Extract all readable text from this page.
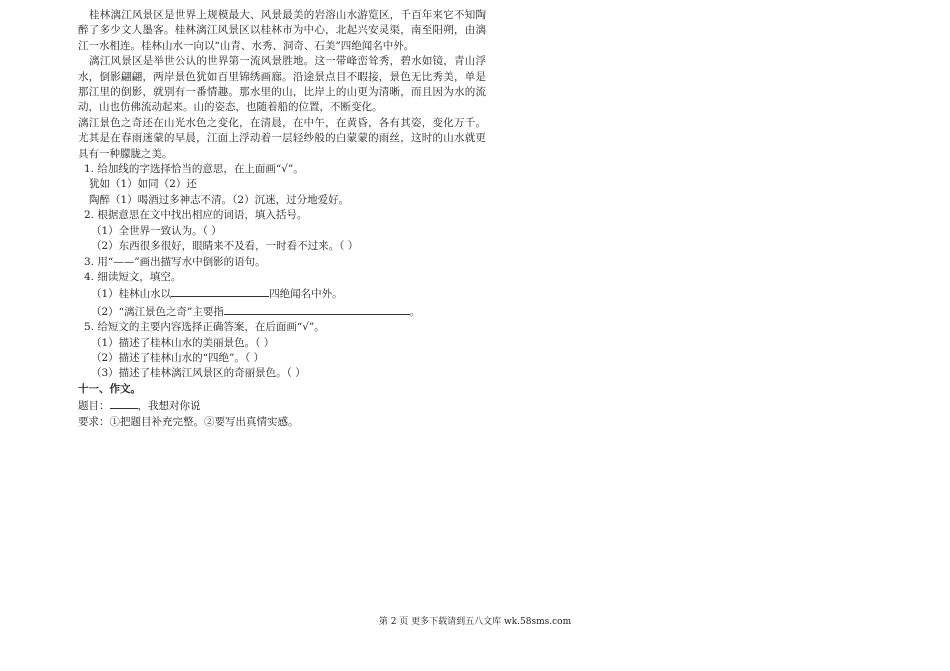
桂林漓江风景区是世界上规模最大、风景最美的岩溶山水游览区，千百年来它不知陶醉了多少文人墨客。桂林漓江风景区以桂林市为中心，北起兴安灵渠，南至阳朔，由漓江一水相连。桂林山水一向以“山青、水秀、洞奇、石美”四绝闻名中外。

漓江风景区是举世公认的世界第一流风景胜地。这一带峰峦耸秀，碧水如镜，青山浮水，倒影翩翩，两岸景色犹如百里锦绣画廊。沿途景点目不暇接，景色无比秀美，单是那江里的倒影，就别有一番情趣。那水里的山，比岸上的山更为清晰，而且因为水的流动，山也仿佛流动起来。山的姿态，也随着船的位置，不断变化。

漓江景色之奇还在山光水色之变化，在清晨，在中午，在黄昏，各有其姿，变化万千。尤其是在春雨迷蒙的早晨，江面上浮动着一层轻纱般的白蒙蒙的雨丝，这时的山水就更具有一种朦胧之美。

1. 给加线的字选择恰当的意思，在上面画“√”。

犹如（1）如同（2）还

陶醉（1）喝酒过多神志不清。（2）沉迷，过分地爱好。

2. 根据意思在文中找出相应的词语，填入括号。

（1）全世界一致认为。（ ）

（2）东西很多很好，眼睛来不及看，一时看不过来。（ ）

3. 用“——”画出描写水中倒影的语句。

4. 细读短文，填空。

（1）桂林山水以	四绝闻名中外。

（2）“漓江景色之奇”主要指	。

5. 给短文的主要内容选择正确答案，在后面画“√”。

（1）描述了桂林山水的美丽景色。（ ）

（2）描述了桂林山水的“四绝”。（ ）

（3）描述了桂林漓江风景区的奇丽景色。（ ）

十一、作文。

题目：	，我想对你说

要求：①把题目补充完整。②要写出真情实感。

第 2 页 更多下载请到五八文库 wk.58sms.com
